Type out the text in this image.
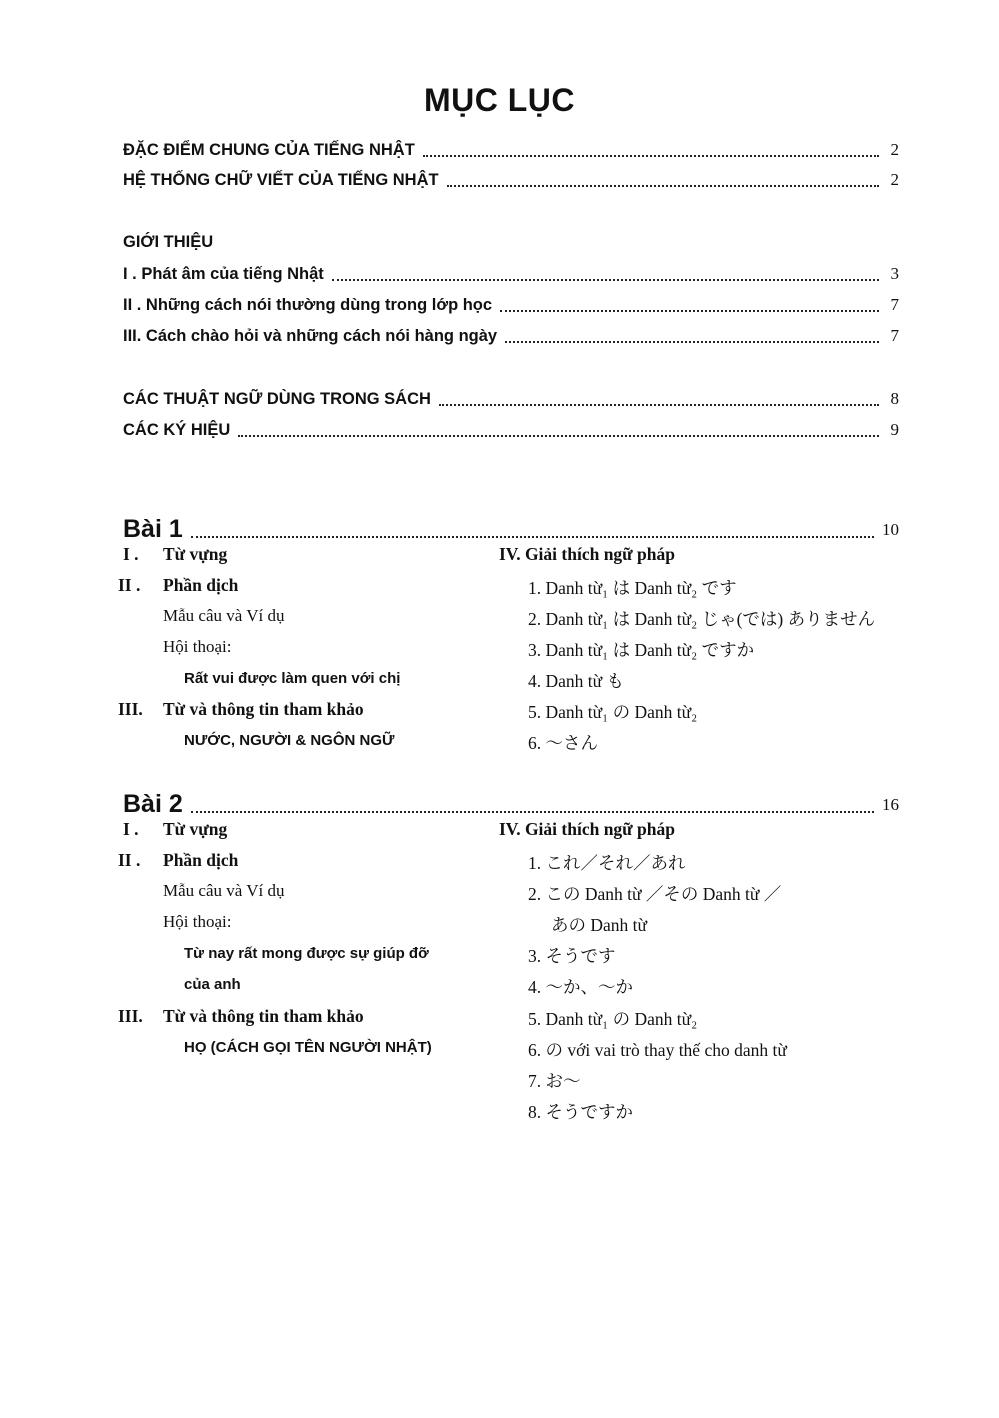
MỤC LỤC
ĐẶC ĐIỂM CHUNG CỦA TIẾNG NHẬT	2
HỆ THỐNG CHỮ VIẾT CỦA TIẾNG NHẬT	2
GIỚI THIỆU
I . Phát âm của tiếng Nhật	3
II . Những cách nói thường dùng trong lớp học	7
III. Cách chào hỏi và những cách nói hàng ngày	7
CÁC THUẬT NGỮ DÙNG TRONG SÁCH	8
CÁC KÝ HIỆU	9
Bài 1	10
I . Từ vựng
II . Phần dịch
Mẫu câu và Ví dụ
Hội thoại:
Rất vui được làm quen với chị
III. Từ và thông tin tham khảo
NƯỚC, NGƯỜI & NGÔN NGỮ
IV. Giải thích ngữ pháp
1. Danh từ₁ は Danh từ₂ です
2. Danh từ₁ は Danh từ₂ じゃ(では) ありません
3. Danh từ₁ は Danh từ₂ ですか
4. Danh từ も
5. Danh từ₁ の Danh từ₂
6. ～さん
Bài 2	16
I . Từ vựng
II . Phần dịch
Mẫu câu và Ví dụ
Hội thoại:
Từ nay rất mong được sự giúp đỡ
của anh
III. Từ và thông tin tham khảo
HỌ (CÁCH GỌI TÊN NGƯỜI NHẬT)
IV. Giải thích ngữ pháp
1. これ／それ／あれ
2. この Danh từ ／その Danh từ ／
あの Danh từ
3. そうです
4. ～か、～か
5. Danh từ₁ の Danh từ₂
6. の với vai trò thay thế cho danh từ
7. お～
8. そうですか
